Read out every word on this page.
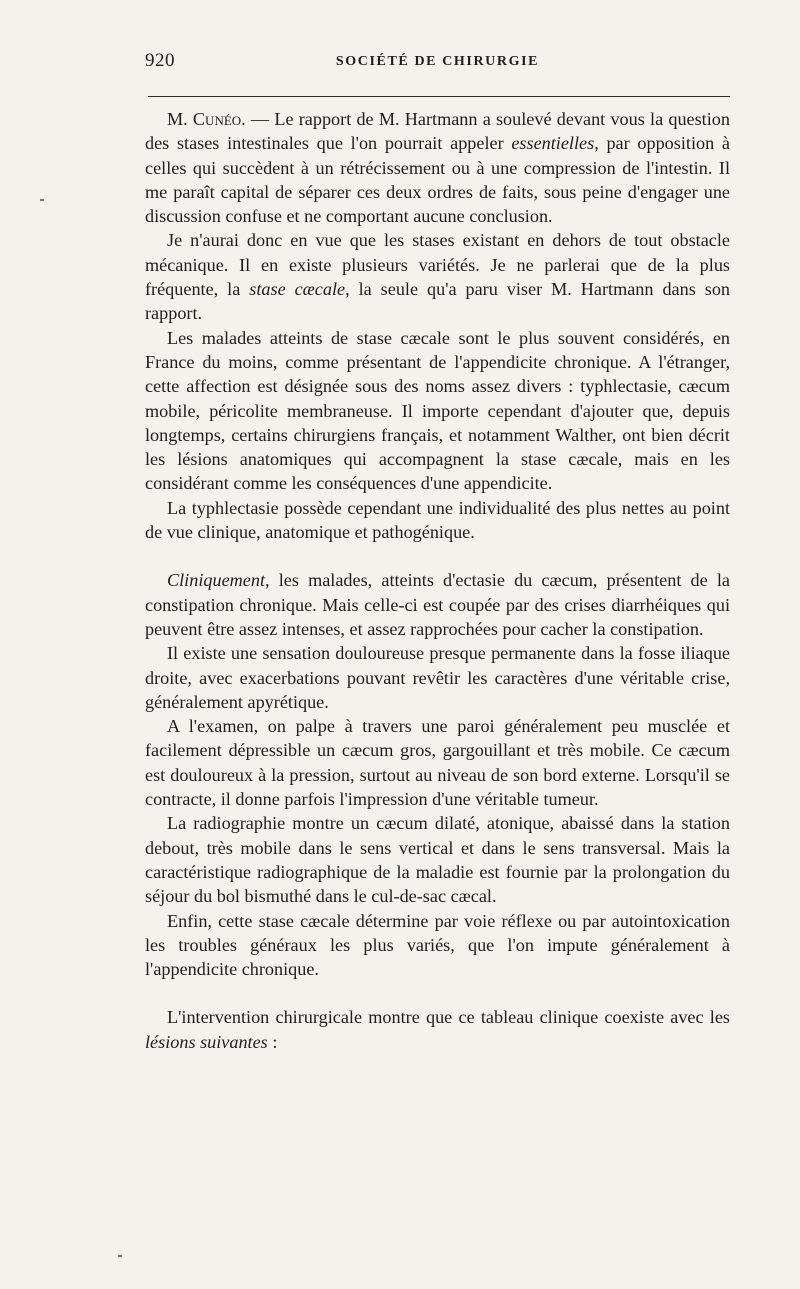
920	SOCIÉTÉ DE CHIRURGIE

M. Cunéo. — Le rapport de M. Hartmann a soulevé devant vous la question des stases intestinales que l'on pourrait appeler essentielles, par opposition à celles qui succèdent à un rétrécissement ou à une compression de l'intestin. Il me paraît capital de séparer ces deux ordres de faits, sous peine d'engager une discussion confuse et ne comportant aucune conclusion.

Je n'aurai donc en vue que les stases existant en dehors de tout obstacle mécanique. Il en existe plusieurs variétés. Je ne parlerai que de la plus fréquente, la stase cæcale, la seule qu'a paru viser M. Hartmann dans son rapport.

Les malades atteints de stase cæcale sont le plus souvent considérés, en France du moins, comme présentant de l'appendicite chronique. A l'étranger, cette affection est désignée sous des noms assez divers : typhlectasie, cæcum mobile, péricolite membraneuse. Il importe cependant d'ajouter que, depuis longtemps, certains chirurgiens français, et notamment Walther, ont bien décrit les lésions anatomiques qui accompagnent la stase cæcale, mais en les considérant comme les conséquences d'une appendicite.

La typhlectasie possède cependant une individualité des plus nettes au point de vue clinique, anatomique et pathogénique.

Cliniquement, les malades, atteints d'ectasie du cæcum, présentent de la constipation chronique. Mais celle-ci est coupée par des crises diarrhéiques qui peuvent être assez intenses, et assez rapprochées pour cacher la constipation.

Il existe une sensation douloureuse presque permanente dans la fosse iliaque droite, avec exacerbations pouvant revêtir les caractères d'une véritable crise, généralement apyrétique.

A l'examen, on palpe à travers une paroi généralement peu musclée et facilement dépressible un cæcum gros, gargouillant et très mobile. Ce cæcum est douloureux à la pression, surtout au niveau de son bord externe. Lorsqu'il se contracte, il donne parfois l'impression d'une véritable tumeur.

La radiographie montre un cæcum dilaté, atonique, abaissé dans la station debout, très mobile dans le sens vertical et dans le sens transversal. Mais la caractéristique radiographique de la maladie est fournie par la prolongation du séjour du bol bismuthé dans le cul-de-sac cæcal.

Enfin, cette stase cæcale détermine par voie réflexe ou par autointoxication les troubles généraux les plus variés, que l'on impute généralement à l'appendicite chronique.

L'intervention chirurgicale montre que ce tableau clinique coexiste avec les lésions suivantes :
